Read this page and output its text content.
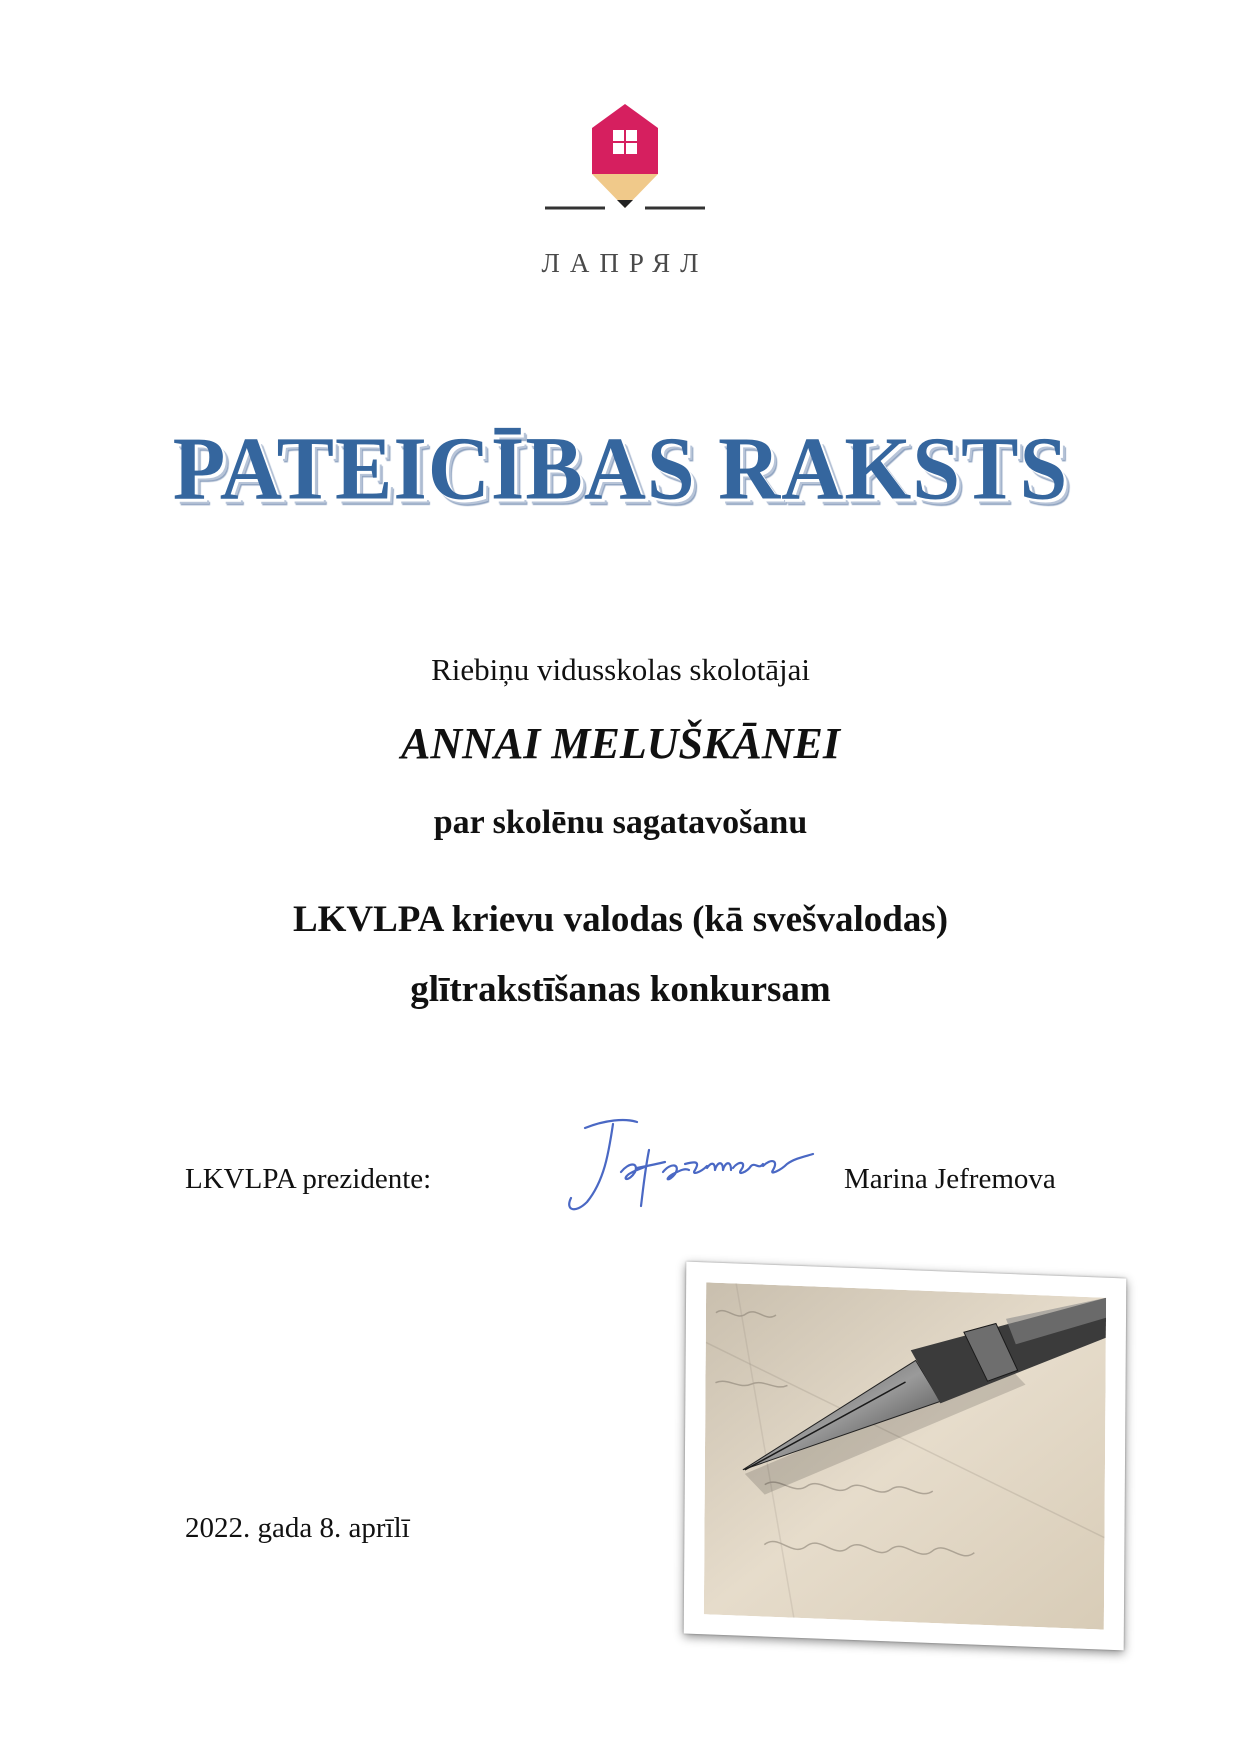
ЛАПРЯЛ
PATEICĪBAS RAKSTS
Riebiņu vidusskolas skolotājai
ANNAI MELUŠKĀNEI
par skolēnu sagatavošanu
LKVLPA krievu valodas (kā svešvalodas)
glītrakstīšanas konkursam
LKVLPA prezidente:	Marina Jefremova
2022. gada 8. aprīlī
